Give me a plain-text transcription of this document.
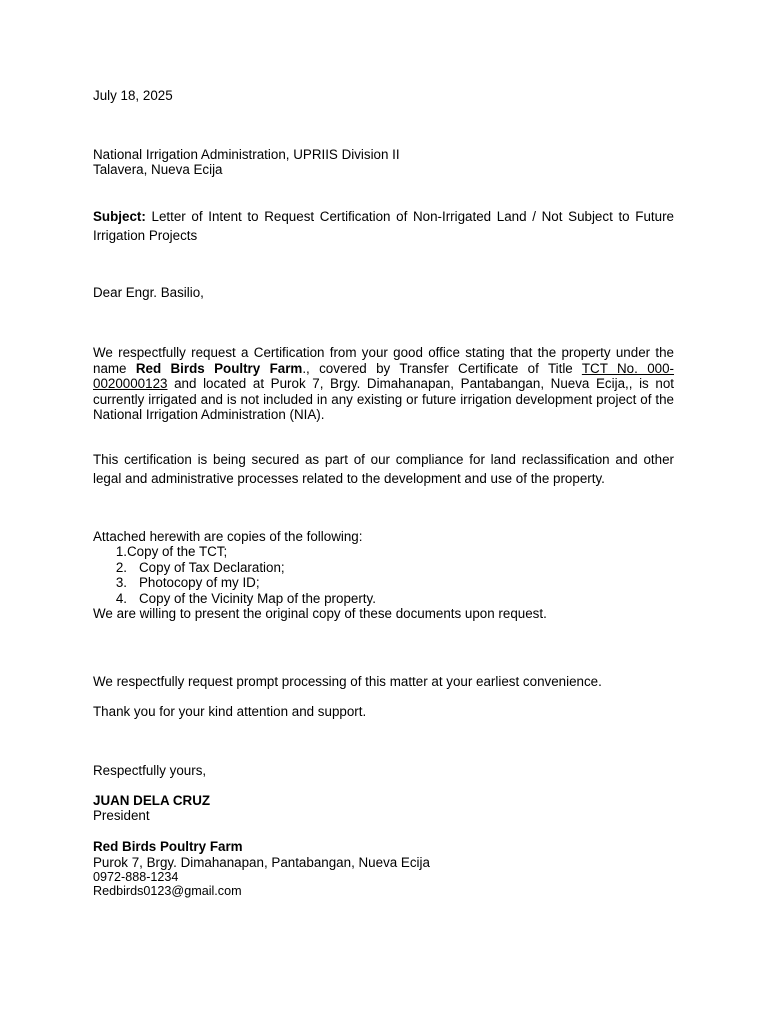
July 18, 2025

National Irrigation Administration, UPRIIS Division II

Talavera, Nueva Ecija

Subject: Letter of Intent to Request Certification of Non-Irrigated Land / Not Subject to Future Irrigation Projects

Dear Engr. Basilio,

We respectfully request a Certification from your good office stating that the property under the name Red Birds Poultry Farm., covered by Transfer Certificate of Title TCT No. 000-0020000123 and located at Purok 7, Brgy. Dimahanapan, Pantabangan, Nueva Ecija,, is not currently irrigated and is not included in any existing or future irrigation development project of the National Irrigation Administration (NIA).

This certification is being secured as part of our compliance for land reclassification and other legal and administrative processes related to the development and use of the property.

Attached herewith are copies of the following:

1.Copy of the TCT;
2. Copy of Tax Declaration;
3. Photocopy of my ID;
4. Copy of the Vicinity Map of the property.

We are willing to present the original copy of these documents upon request.

We respectfully request prompt processing of this matter at your earliest convenience.

Thank you for your kind attention and support.

Respectfully yours,

JUAN DELA CRUZ

President

Red Birds Poultry Farm

Purok 7, Brgy. Dimahanapan, Pantabangan, Nueva Ecija

0972-888-1234

Redbirds0123@gmail.com
